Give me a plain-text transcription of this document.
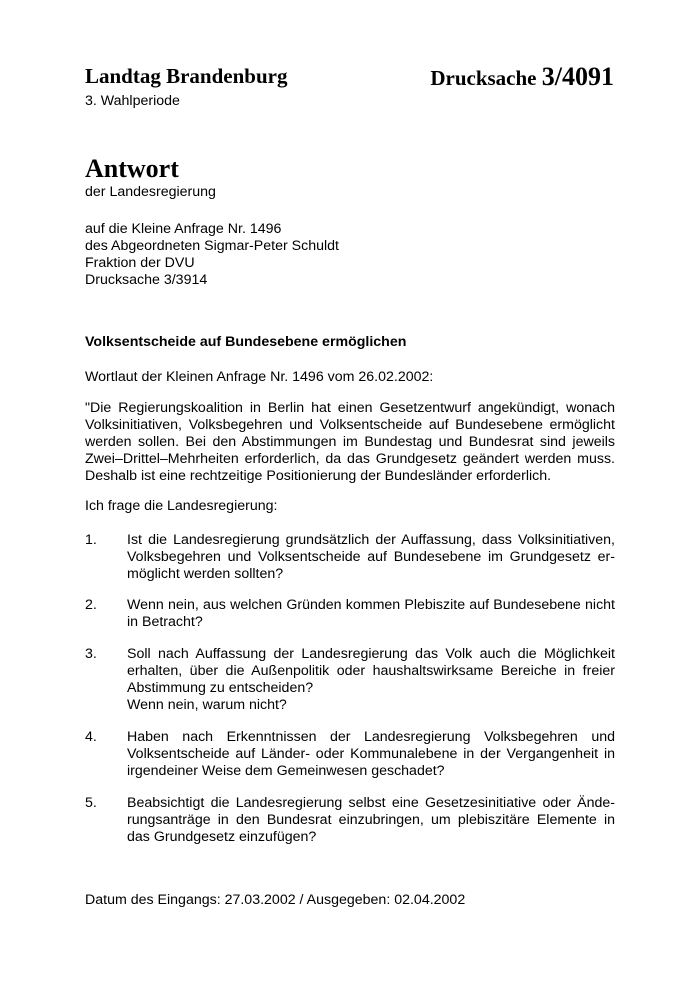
Landtag Brandenburg	Drucksache 3/4091
3. Wahlperiode
Antwort
der Landesregierung
auf die Kleine Anfrage Nr. 1496
des Abgeordneten Sigmar-Peter Schuldt
Fraktion der DVU
Drucksache 3/3914
Volksentscheide auf Bundesebene ermöglichen
Wortlaut der Kleinen Anfrage Nr. 1496 vom 26.02.2002:
"Die Regierungskoalition in Berlin hat einen Gesetzentwurf angekündigt, wonach Volksinitiativen, Volksbegehren und Volksentscheide auf Bundesebene ermöglicht werden sollen. Bei den Abstimmungen im Bundestag und Bundesrat sind jeweils Zwei–Drittel–Mehrheiten erforderlich, da das Grundgesetz geändert werden muss. Deshalb ist eine rechtzeitige Positionierung der Bundesländer erforderlich.
Ich frage die Landesregierung:
1. Ist die Landesregierung grundsätzlich der Auffassung, dass Volksinitiativen, Volksbegehren und Volksentscheide auf Bundesebene im Grundgesetz ermöglicht werden sollten?
2. Wenn nein, aus welchen Gründen kommen Plebiszite auf Bundesebene nicht in Betracht?
3. Soll nach Auffassung der Landesregierung das Volk auch die Möglichkeit erhalten, über die Außenpolitik oder haushaltswirksame Bereiche in freier Abstimmung zu entscheiden?
Wenn nein, warum nicht?
4. Haben nach Erkenntnissen der Landesregierung Volksbegehren und Volksentscheide auf Länder- oder Kommunalebene in der Vergangenheit in irgendeiner Weise dem Gemeinwesen geschadet?
5. Beabsichtigt die Landesregierung selbst eine Gesetzesinitiative oder Änderungsanträge in den Bundesrat einzubringen, um plebiszitäre Elemente in das Grundgesetz einzufügen?
Datum des Eingangs: 27.03.2002 / Ausgegeben: 02.04.2002
